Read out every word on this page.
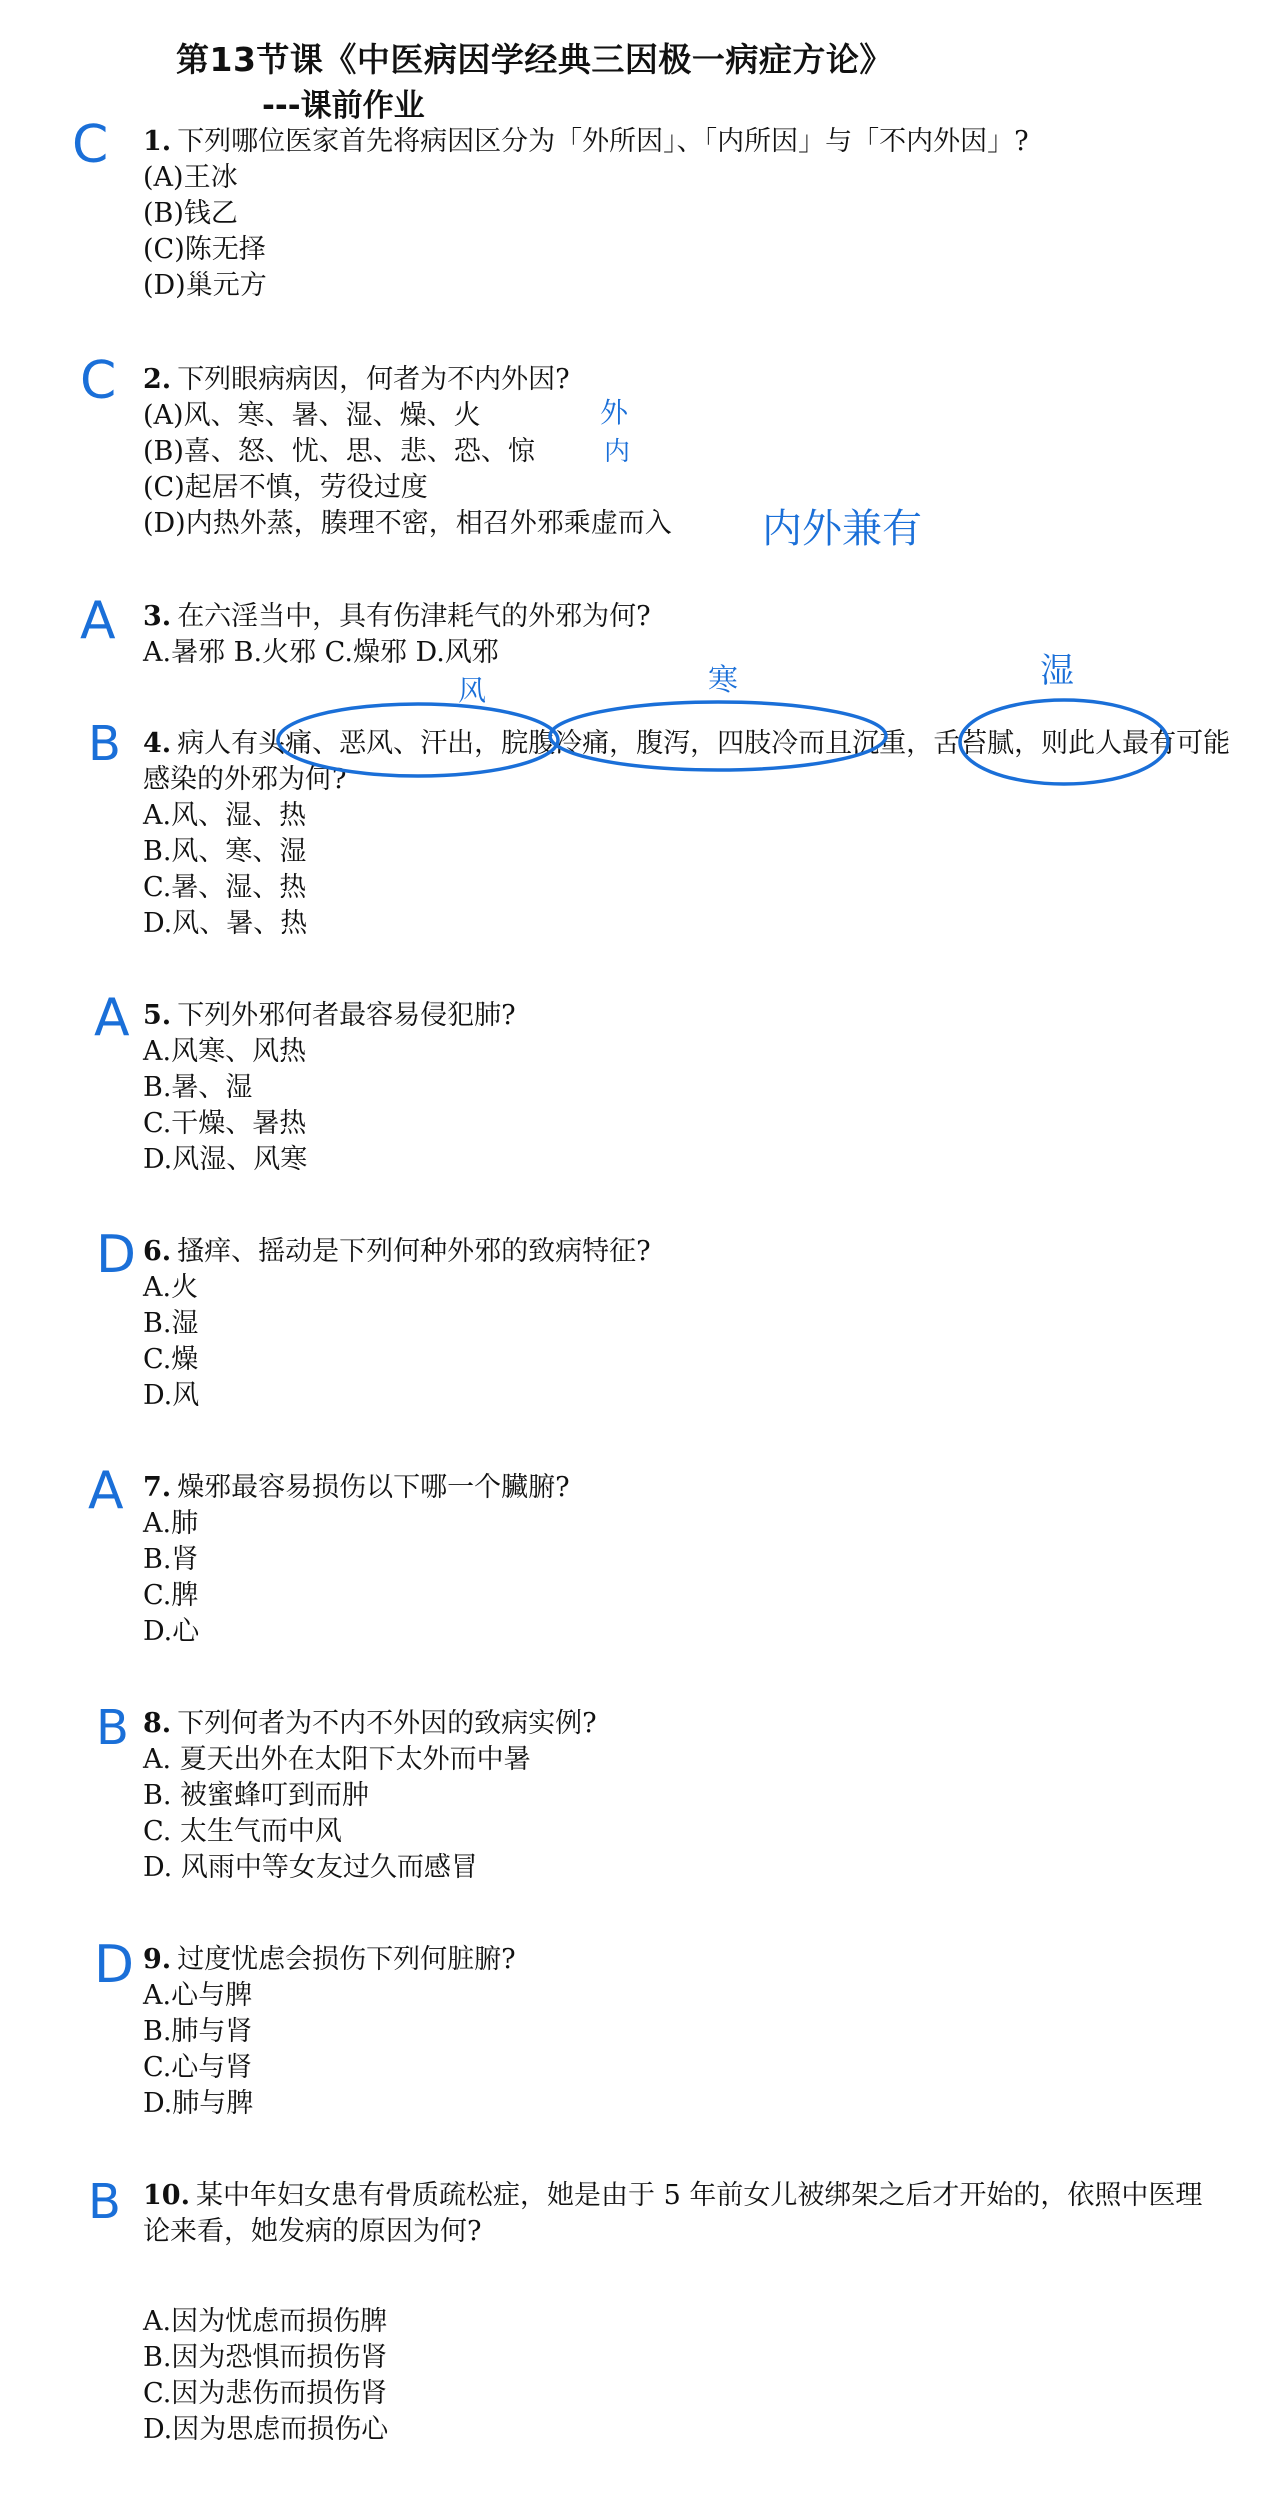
第13节课《中医病因学经典三因极一病症方论》
---课前作业
1. 下列哪位医家首先将病因区分为「外所因」、「内所因」与「不内外因」?
(A)王冰
(B)钱乙
(C)陈无择
(D)巢元方
2. 下列眼病病因，何者为不内外因?
(A)风、寒、暑、湿、燥、火
(B)喜、怒、忧、思、悲、恐、惊
(C)起居不慎，劳役过度
(D)内热外蒸，腠理不密，相召外邪乘虚而入
3. 在六淫当中，具有伤津耗气的外邪为何?
A.暑邪 B.火邪 C.燥邪 D.风邪
4. 病人有头痛、恶风、汗出，脘腹冷痛，腹泻，四肢冷而且沉重，舌苔腻，则此人最有可能感染的外邪为何?
A.风、湿、热
B.风、寒、湿
C.暑、湿、热
D.风、暑、热
5. 下列外邪何者最容易侵犯肺?
A.风寒、风热
B.暑、湿
C.干燥、暑热
D.风湿、风寒
6. 搔痒、摇动是下列何种外邪的致病特征?
A.火
B.湿
C.燥
D.风
7. 燥邪最容易损伤以下哪一个臟腑?
A.肺
B.肾
C.脾
D.心
8. 下列何者为不内不外因的致病实例?
A. 夏天出外在太阳下太外而中暑
B. 被蜜蜂叮到而肿
C. 太生气而中风
D. 风雨中等女友过久而感冒
9. 过度忧虑会损伤下列何脏腑?
A.心与脾
B.肺与肾
C.心与肾
D.肺与脾
10. 某中年妇女患有骨质疏松症，她是由于 5 年前女儿被绑架之后才开始的，依照中医理论来看，她发病的原因为何?
A.因为忧虑而损伤脾
B.因为恐惧而损伤肾
C.因为悲伤而损伤肾
D.因为思虑而损伤心
C
C
A
B
A
D
A
B
D
B
外
内
内外兼有
风	寒	湿
